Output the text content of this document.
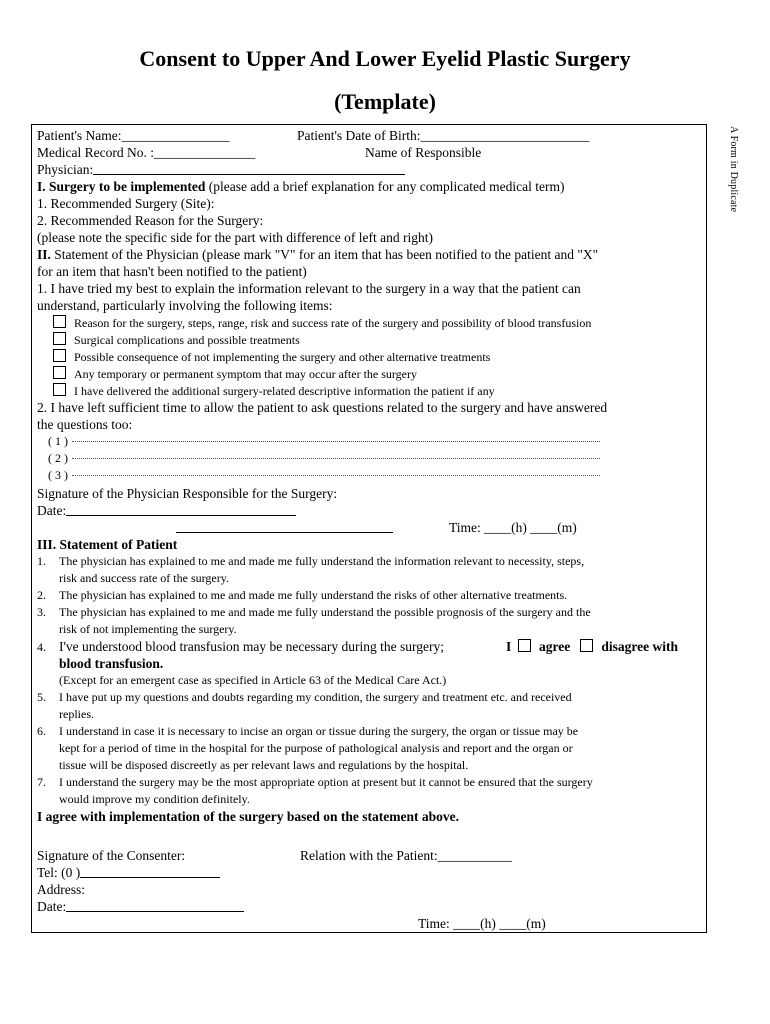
Consent to Upper And Lower Eyelid Plastic Surgery
(Template)
A Form in Duplicate
Patient's Name:________________	Patient's Date of Birth:_________________________
Medical Record No. :_______________	Name of Responsible
Physician:
I. Surgery to be implemented (please add a brief explanation for any complicated medical term)
1. Recommended Surgery (Site):
2. Recommended Reason for the Surgery:
(please note the specific side for the part with difference of left and right)
II. Statement of the Physician (please mark "V" for an item that has been notified to the patient and "X"
for an item that hasn't been notified to the patient)
1. I have tried my best to explain the information relevant to the surgery in a way that the patient can
understand, particularly involving the following items:
Reason for the surgery, steps, range, risk and success rate of the surgery and possibility of blood transfusion
Surgical complications and possible treatments
Possible consequence of not implementing the surgery and other alternative treatments
Any temporary or permanent symptom that may occur after the surgery
I have delivered the additional surgery-related descriptive information the patient if any
2. I have left sufficient time to allow the patient to ask questions related to the surgery and have answered
the questions too:
( 1 )
( 2 )
( 3 )
Signature of the Physician Responsible for the Surgery:
Date:
Time: ____(h) ____(m)
III. Statement of Patient
1. The physician has explained to me and made me fully understand the information relevant to necessity, steps,
risk and success rate of the surgery.
2. The physician has explained to me and made me fully understand the risks of other alternative treatments.
3. The physician has explained to me and made me fully understand the possible prognosis of the surgery and the
risk of not implementing the surgery.
4. I've understood blood transfusion may be necessary during the surgery;	I agree disagree with
blood transfusion.
(Except for an emergent case as specified in Article 63 of the Medical Care Act.)
5. I have put up my questions and doubts regarding my condition, the surgery and treatment etc. and received
replies.
6. I understand in case it is necessary to incise an organ or tissue during the surgery, the organ or tissue may be
kept for a period of time in the hospital for the purpose of pathological analysis and report and the organ or
tissue will be disposed discreetly as per relevant laws and regulations by the hospital.
7. I understand the surgery may be the most appropriate option at present but it cannot be ensured that the surgery
would improve my condition definitely.
I agree with implementation of the surgery based on the statement above.
Signature of the Consenter:	Relation with the Patient:___________
Tel: (0 )
Address:
Date:
Time: ____(h) ____(m)
